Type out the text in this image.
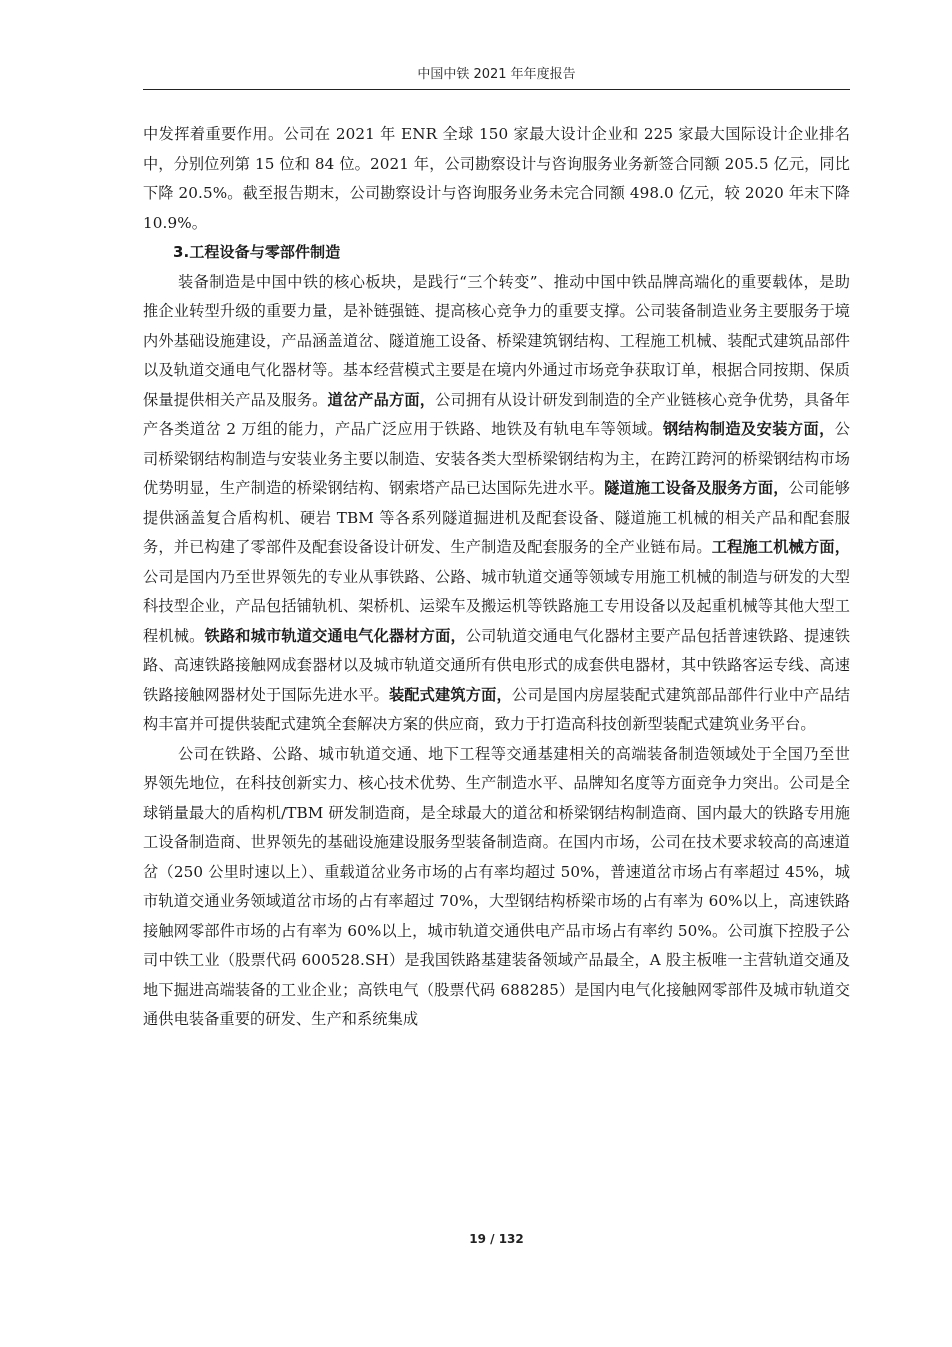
中国中铁 2021 年年度报告

中发挥着重要作用。公司在 2021 年 ENR 全球 150 家最大设计企业和 225 家最大国际设计企业排名中，分别位列第 15 位和 84 位。2021 年，公司勘察设计与咨询服务业务新签合同额 205.5 亿元，同比下降 20.5%。截至报告期末，公司勘察设计与咨询服务业务未完合同额 498.0 亿元，较 2020 年末下降 10.9%。

3.工程设备与零部件制造

装备制造是中国中铁的核心板块，是践行“三个转变”、推动中国中铁品牌高端化的重要载体，是助推企业转型升级的重要力量，是补链强链、提高核心竞争力的重要支撑。公司装备制造业务主要服务于境内外基础设施建设，产品涵盖道岔、隧道施工设备、桥梁建筑钢结构、工程施工机械、装配式建筑品部件以及轨道交通电气化器材等。基本经营模式主要是在境内外通过市场竞争获取订单，根据合同按期、保质保量提供相关产品及服务。道岔产品方面，公司拥有从设计研发到制造的全产业链核心竞争优势，具备年产各类道岔 2 万组的能力，产品广泛应用于铁路、地铁及有轨电车等领域。钢结构制造及安装方面，公司桥梁钢结构制造与安装业务主要以制造、安装各类大型桥梁钢结构为主，在跨江跨河的桥梁钢结构市场优势明显，生产制造的桥梁钢结构、钢索塔产品已达国际先进水平。隧道施工设备及服务方面，公司能够提供涵盖复合盾构机、硬岩 TBM 等各系列隧道掘进机及配套设备、隧道施工机械的相关产品和配套服务，并已构建了零部件及配套设备设计研发、生产制造及配套服务的全产业链布局。工程施工机械方面，公司是国内乃至世界领先的专业从事铁路、公路、城市轨道交通等领域专用施工机械的制造与研发的大型科技型企业，产品包括铺轨机、架桥机、运梁车及搬运机等铁路施工专用设备以及起重机械等其他大型工程机械。铁路和城市轨道交通电气化器材方面，公司轨道交通电气化器材主要产品包括普速铁路、提速铁路、高速铁路接触网成套器材以及城市轨道交通所有供电形式的成套供电器材，其中铁路客运专线、高速铁路接触网器材处于国际先进水平。装配式建筑方面，公司是国内房屋装配式建筑部品部件行业中产品结构丰富并可提供装配式建筑全套解决方案的供应商，致力于打造高科技创新型装配式建筑业务平台。

公司在铁路、公路、城市轨道交通、地下工程等交通基建相关的高端装备制造领域处于全国乃至世界领先地位，在科技创新实力、核心技术优势、生产制造水平、品牌知名度等方面竞争力突出。公司是全球销量最大的盾构机/TBM 研发制造商，是全球最大的道岔和桥梁钢结构制造商、国内最大的铁路专用施工设备制造商、世界领先的基础设施建设服务型装备制造商。在国内市场，公司在技术要求较高的高速道岔（250 公里时速以上）、重载道岔业务市场的占有率均超过 50%，普速道岔市场占有率超过 45%，城市轨道交通业务领域道岔市场的占有率超过 70%，大型钢结构桥梁市场的占有率为 60%以上，高速铁路接触网零部件市场的占有率为 60%以上，城市轨道交通供电产品市场占有率约 50%。公司旗下控股子公司中铁工业（股票代码 600528.SH）是我国铁路基建装备领域产品最全，A 股主板唯一主营轨道交通及地下掘进高端装备的工业企业；高铁电气（股票代码 688285）是国内电气化接触网零部件及城市轨道交通供电装备重要的研发、生产和系统集成

19 / 132
